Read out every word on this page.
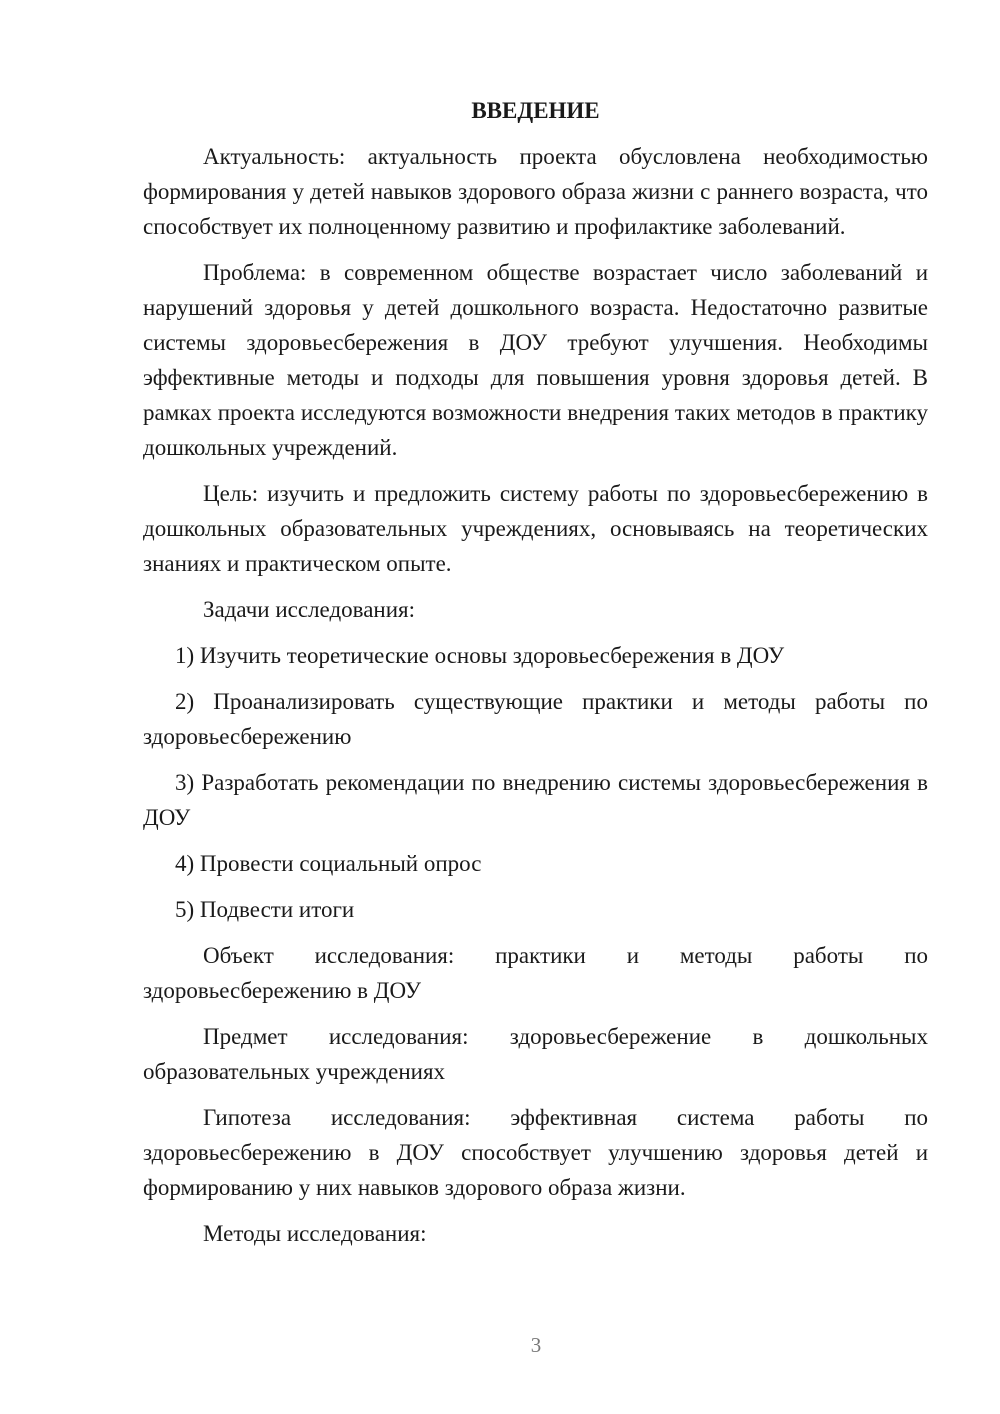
ВВЕДЕНИЕ

Актуальность: актуальность проекта обусловлена необходимостью формирования у детей навыков здорового образа жизни с раннего возраста, что способствует их полноценному развитию и профилактике заболеваний.

Проблема: в современном обществе возрастает число заболеваний и нарушений здоровья у детей дошкольного возраста. Недостаточно развитые системы здоровьесбережения в ДОУ требуют улучшения. Необходимы эффективные методы и подходы для повышения уровня здоровья детей. В рамках проекта исследуются возможности внедрения таких методов в практику дошкольных учреждений.

Цель: изучить и предложить систему работы по здоровьесбережению в дошкольных образовательных учреждениях, основываясь на теоретических знаниях и практическом опыте.

Задачи исследования:

1) Изучить теоретические основы здоровьесбережения в ДОУ

2) Проанализировать существующие практики и методы работы по здоровьесбережению

3) Разработать рекомендации по внедрению системы здоровьесбережения в ДОУ

4) Провести социальный опрос

5) Подвести итоги

Объект исследования: практики и методы работы по здоровьесбережению в ДОУ

Предмет исследования: здоровьесбережение в дошкольных образовательных учреждениях

Гипотеза исследования: эффективная система работы по здоровьесбережению в ДОУ способствует улучшению здоровья детей и формированию у них навыков здорового образа жизни.

Методы исследования:

3
